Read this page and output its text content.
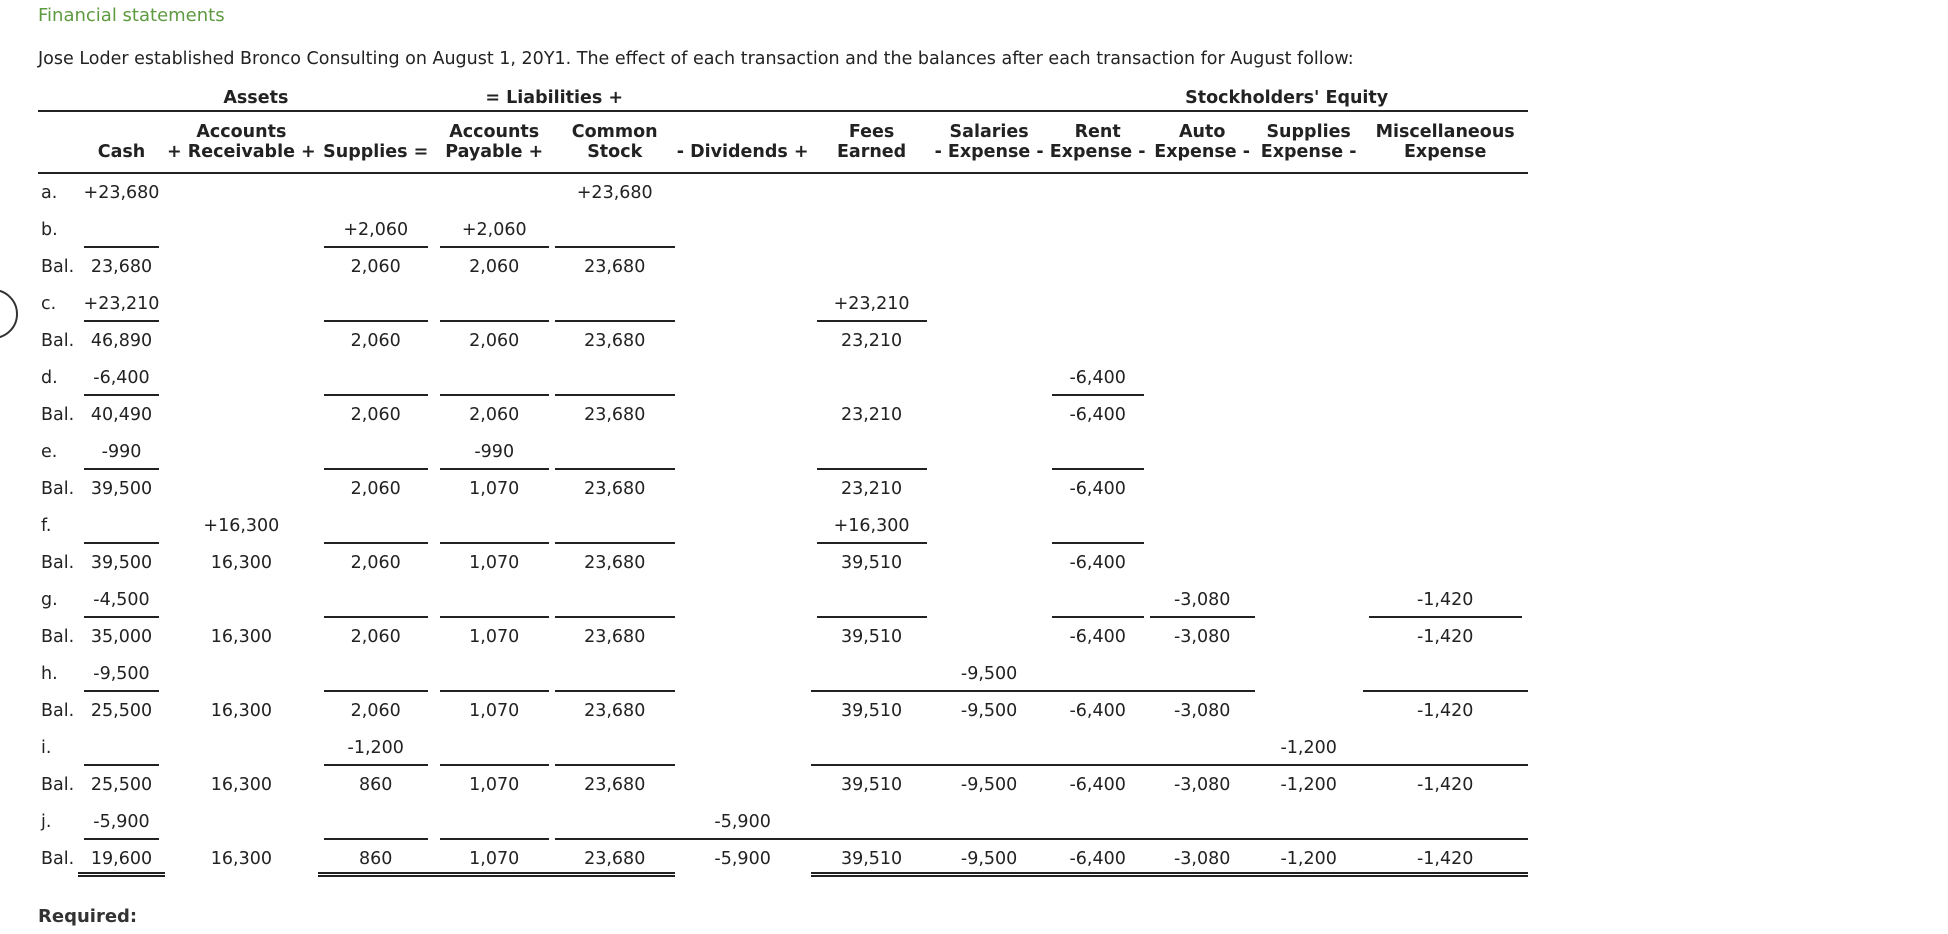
Financial statements
Jose Loder established Bronco Consulting on August 1, 20Y1. The effect of each transaction and the balances after each transaction for August follow:
	Assets			= Liabilities +					Stockholders' Equity			
		Accounts		Accounts	Common		Fees	Salaries	Rent	Auto	Supplies	Miscellaneous
	Cash	+ Receivable +	Supplies =	Payable +	Stock	- Dividends +	Earned	- Expense -	Expense -	Expense -	Expense -	Expense
a.	+23,680				+23,680							
b.			+2,060	+2,060								
Bal.	23,680		2,060	2,060	23,680							
c.	+23,210						+23,210					
Bal.	46,890		2,060	2,060	23,680		23,210					
d.	-6,400								-6,400			
Bal.	40,490		2,060	2,060	23,680		23,210		-6,400			
e.	-990			-990								
Bal.	39,500		2,060	1,070	23,680		23,210		-6,400			
f.		+16,300					+16,300					
Bal.	39,500	16,300	2,060	1,070	23,680		39,510		-6,400			
g.	-4,500									-3,080		-1,420
Bal.	35,000	16,300	2,060	1,070	23,680		39,510		-6,400	-3,080		-1,420
h.	-9,500							-9,500				
Bal.	25,500	16,300	2,060	1,070	23,680		39,510	-9,500	-6,400	-3,080		-1,420
i.			-1,200								-1,200	
Bal.	25,500	16,300	860	1,070	23,680		39,510	-9,500	-6,400	-3,080	-1,200	-1,420
j.	-5,900					-5,900						
Bal.	19,600	16,300	860	1,070	23,680	-5,900	39,510	-9,500	-6,400	-3,080	-1,200	-1,420
Required:
